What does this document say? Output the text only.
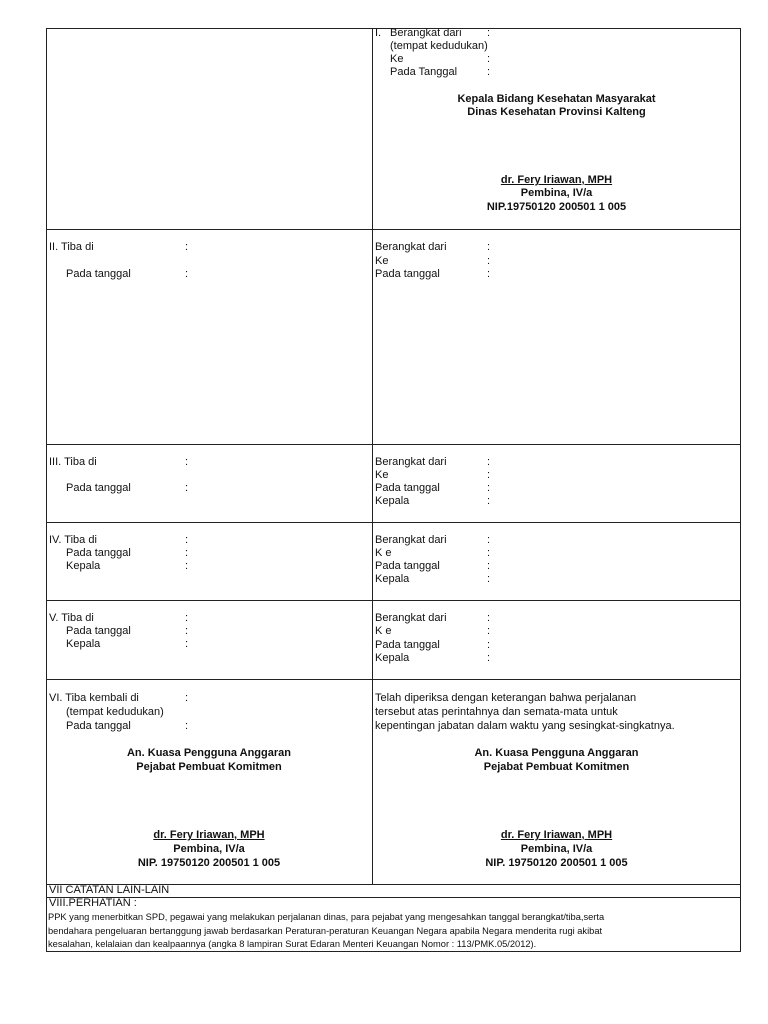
I. Berangkat dari :
(tempat kedudukan)
Ke	:
Pada Tanggal	:
Kepala Bidang Kesehatan Masyarakat
Dinas Kesehatan Provinsi Kalteng
dr. Fery Iriawan, MPH
Pembina, IV/a
NIP.19750120 200501 1 005
II. Tiba di	:
Pada tanggal	:
Berangkat dari	:
Ke	:
Pada tanggal	:
III. Tiba di	:
Pada tanggal	:
Berangkat dari	:
Ke	:
Pada tanggal	:
Kepala	:
IV. Tiba di	:
Pada tanggal	:
Kepala	:
Berangkat dari	:
K e	:
Pada tanggal	:
Kepala	:
V. Tiba di	:
Pada tanggal	:
Kepala	:
Berangkat dari	:
K e	:
Pada tanggal	:
Kepala	:
VI. Tiba kembali di	:
(tempat kedudukan)
Pada tanggal	:
Telah diperiksa dengan keterangan bahwa perjalanan
tersebut atas perintahnya dan semata-mata untuk
kepentingan jabatan dalam waktu yang sesingkat-singkatnya.
An. Kuasa Pengguna Anggaran
Pejabat Pembuat Komitmen
dr. Fery Iriawan, MPH
Pembina, IV/a
NIP. 19750120 200501 1 005
An. Kuasa Pengguna Anggaran
Pejabat Pembuat Komitmen
dr. Fery Iriawan, MPH
Pembina, IV/a
NIP. 19750120 200501 1 005
VII CATATAN LAIN-LAIN
VIII.PERHATIAN :
PPK yang menerbitkan SPD, pegawai yang melakukan perjalanan dinas, para pejabat yang mengesahkan tanggal berangkat/tiba,serta
bendahara pengeluaran bertanggung jawab berdasarkan Peraturan-peraturan Keuangan Negara apabila Negara menderita rugi akibat
kesalahan, kelalaian dan kealpaannya (angka 8 lampiran Surat Edaran Menteri Keuangan Nomor : 113/PMK.05/2012).
